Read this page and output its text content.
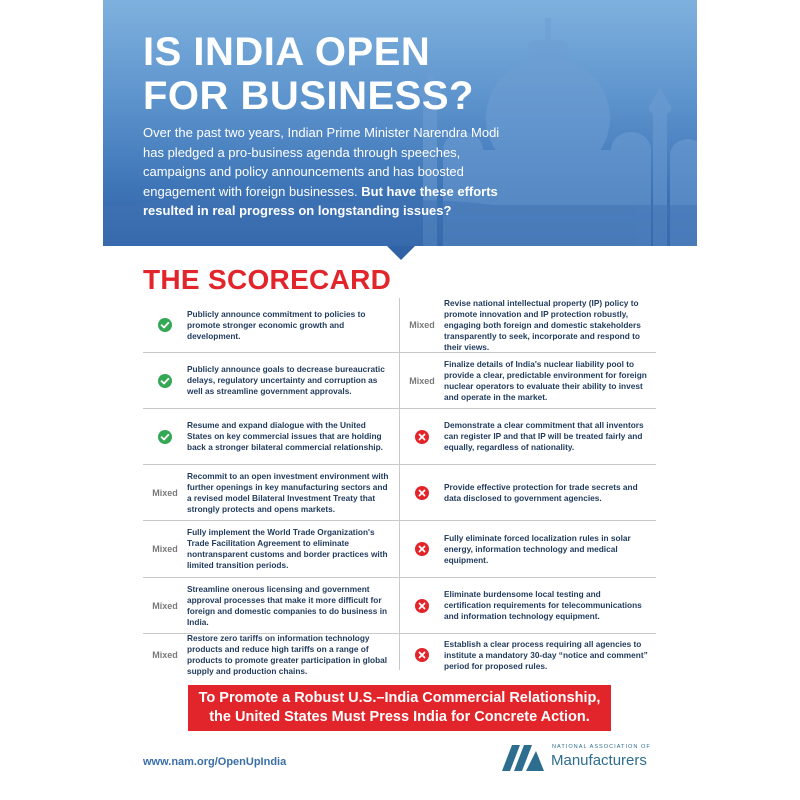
IS INDIA OPEN
FOR BUSINESS?

Over the past two years, Indian Prime Minister Narendra Modi has pledged a pro-business agenda through speeches, campaigns and policy announcements and has boosted engagement with foreign businesses. But have these efforts resulted in real progress on longstanding issues?

THE SCORECARD
Publicly announce commitment to policies to promote stronger economic growth and development.
Mixed
Revise national intellectual property (IP) policy to promote innovation and IP protection robustly, engaging both foreign and domestic stakeholders transparently to seek, incorporate and respond to their views.
Publicly announce goals to decrease bureaucratic delays, regulatory uncertainty and corruption as well as streamline government approvals.
Mixed
Finalize details of India's nuclear liability pool to provide a clear, predictable environment for foreign nuclear operators to evaluate their ability to invest and operate in the market.
Resume and expand dialogue with the United States on key commercial issues that are holding back a stronger bilateral commercial relationship.
Demonstrate a clear commitment that all inventors can register IP and that IP will be treated fairly and equally, regardless of nationality.
Mixed
Recommit to an open investment environment with further openings in key manufacturing sectors and a revised model Bilateral Investment Treaty that strongly protects and opens markets.
Provide effective protection for trade secrets and data disclosed to government agencies.
Mixed
Fully implement the World Trade Organization's Trade Facilitation Agreement to eliminate nontransparent customs and border practices with limited transition periods.
Fully eliminate forced localization rules in solar energy, information technology and medical equipment.
Mixed
Streamline onerous licensing and government approval processes that make it more difficult for foreign and domestic companies to do business in India.
Eliminate burdensome local testing and certification requirements for telecommunications and information technology equipment.
Mixed
Restore zero tariffs on information technology products and reduce high tariffs on a range of products to promote greater participation in global supply and production chains.
Establish a clear process requiring all agencies to institute a mandatory 30-day “notice and comment” period for proposed rules.
To Promote a Robust U.S.–India Commercial Relationship,
the United States Must Press India for Concrete Action.
www.nam.org/OpenUpIndia
NATIONAL ASSOCIATION OF
Manufacturers
